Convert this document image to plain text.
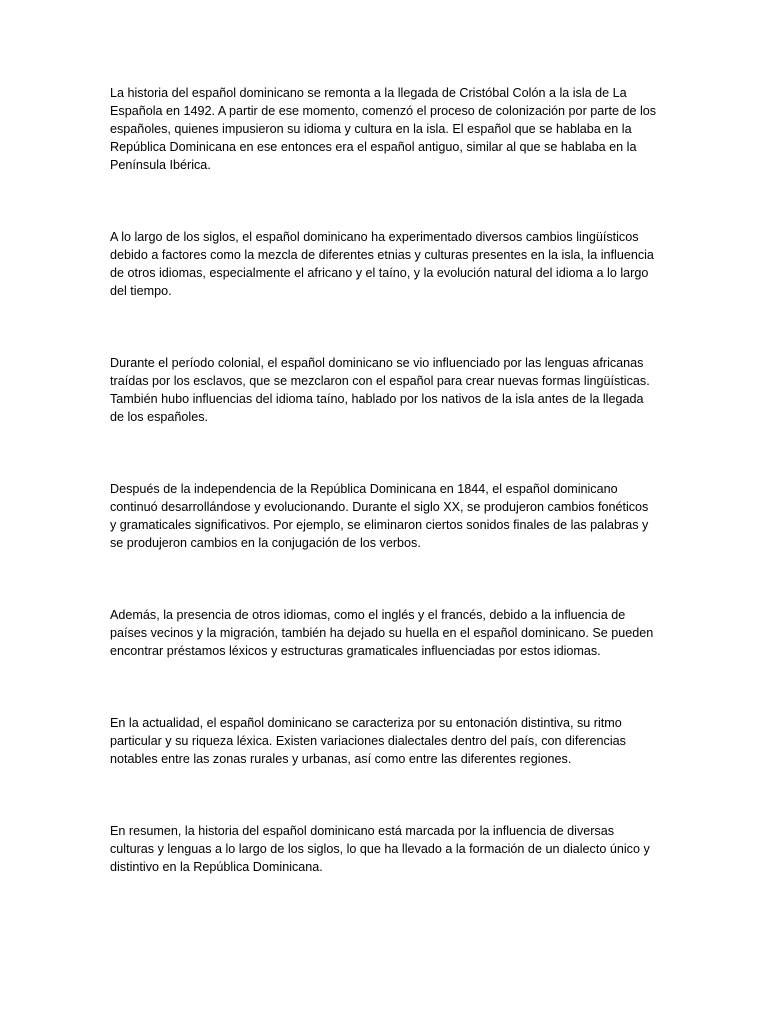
La historia del español dominicano se remonta a la llegada de Cristóbal Colón a la isla de La Española en 1492. A partir de ese momento, comenzó el proceso de colonización por parte de los españoles, quienes impusieron su idioma y cultura en la isla. El español que se hablaba en la República Dominicana en ese entonces era el español antiguo, similar al que se hablaba en la Península Ibérica.

A lo largo de los siglos, el español dominicano ha experimentado diversos cambios lingüísticos debido a factores como la mezcla de diferentes etnias y culturas presentes en la isla, la influencia de otros idiomas, especialmente el africano y el taíno, y la evolución natural del idioma a lo largo del tiempo.

Durante el período colonial, el español dominicano se vio influenciado por las lenguas africanas traídas por los esclavos, que se mezclaron con el español para crear nuevas formas lingüísticas. También hubo influencias del idioma taíno, hablado por los nativos de la isla antes de la llegada de los españoles.

Después de la independencia de la República Dominicana en 1844, el español dominicano continuó desarrollándose y evolucionando. Durante el siglo XX, se produjeron cambios fonéticos y gramaticales significativos. Por ejemplo, se eliminaron ciertos sonidos finales de las palabras y se produjeron cambios en la conjugación de los verbos.

Además, la presencia de otros idiomas, como el inglés y el francés, debido a la influencia de países vecinos y la migración, también ha dejado su huella en el español dominicano. Se pueden encontrar préstamos léxicos y estructuras gramaticales influenciadas por estos idiomas.

En la actualidad, el español dominicano se caracteriza por su entonación distintiva, su ritmo particular y su riqueza léxica. Existen variaciones dialectales dentro del país, con diferencias notables entre las zonas rurales y urbanas, así como entre las diferentes regiones.

En resumen, la historia del español dominicano está marcada por la influencia de diversas culturas y lenguas a lo largo de los siglos, lo que ha llevado a la formación de un dialecto único y distintivo en la República Dominicana.
